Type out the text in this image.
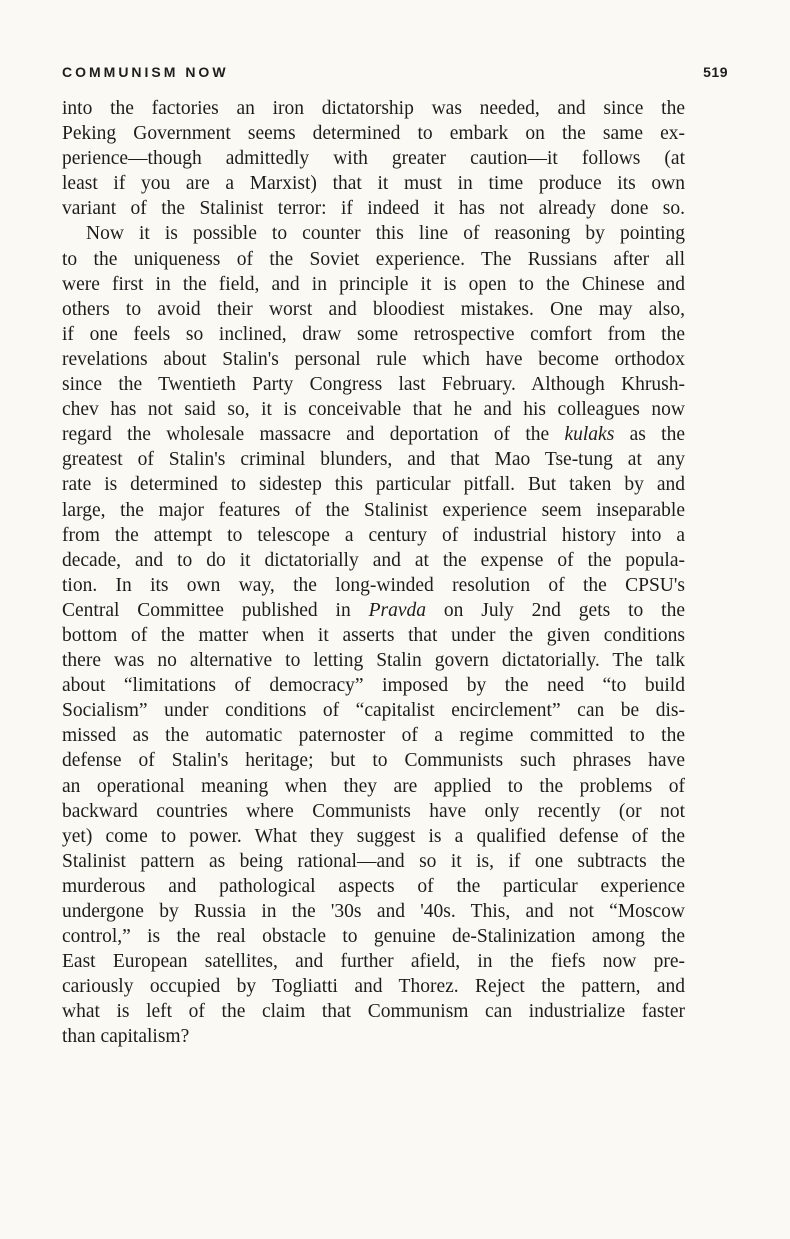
COMMUNISM NOW	519
into the factories an iron dictatorship was needed, and since the
Peking Government seems determined to embark on the same ex-
perience—though admittedly with greater caution—it follows (at
least if you are a Marxist) that it must in time produce its own
variant of the Stalinist terror: if indeed it has not already done so.
Now it is possible to counter this line of reasoning by pointing
to the uniqueness of the Soviet experience. The Russians after all
were first in the field, and in principle it is open to the Chinese and
others to avoid their worst and bloodiest mistakes. One may also,
if one feels so inclined, draw some retrospective comfort from the
revelations about Stalin's personal rule which have become orthodox
since the Twentieth Party Congress last February. Although Khrush-
chev has not said so, it is conceivable that he and his colleagues now
regard the wholesale massacre and deportation of the kulaks as the
greatest of Stalin's criminal blunders, and that Mao Tse-tung at any
rate is determined to sidestep this particular pitfall. But taken by and
large, the major features of the Stalinist experience seem inseparable
from the attempt to telescope a century of industrial history into a
decade, and to do it dictatorially and at the expense of the popula-
tion. In its own way, the long-winded resolution of the CPSU's
Central Committee published in Pravda on July 2nd gets to the
bottom of the matter when it asserts that under the given conditions
there was no alternative to letting Stalin govern dictatorially. The talk
about “limitations of democracy” imposed by the need “to build
Socialism” under conditions of “capitalist encirclement” can be dis-
missed as the automatic paternoster of a regime committed to the
defense of Stalin's heritage; but to Communists such phrases have
an operational meaning when they are applied to the problems of
backward countries where Communists have only recently (or not
yet) come to power. What they suggest is a qualified defense of the
Stalinist pattern as being rational—and so it is, if one subtracts the
murderous and pathological aspects of the particular experience
undergone by Russia in the '30s and '40s. This, and not “Moscow
control,” is the real obstacle to genuine de-Stalinization among the
East European satellites, and further afield, in the fiefs now pre-
cariously occupied by Togliatti and Thorez. Reject the pattern, and
what is left of the claim that Communism can industrialize faster
than capitalism?
